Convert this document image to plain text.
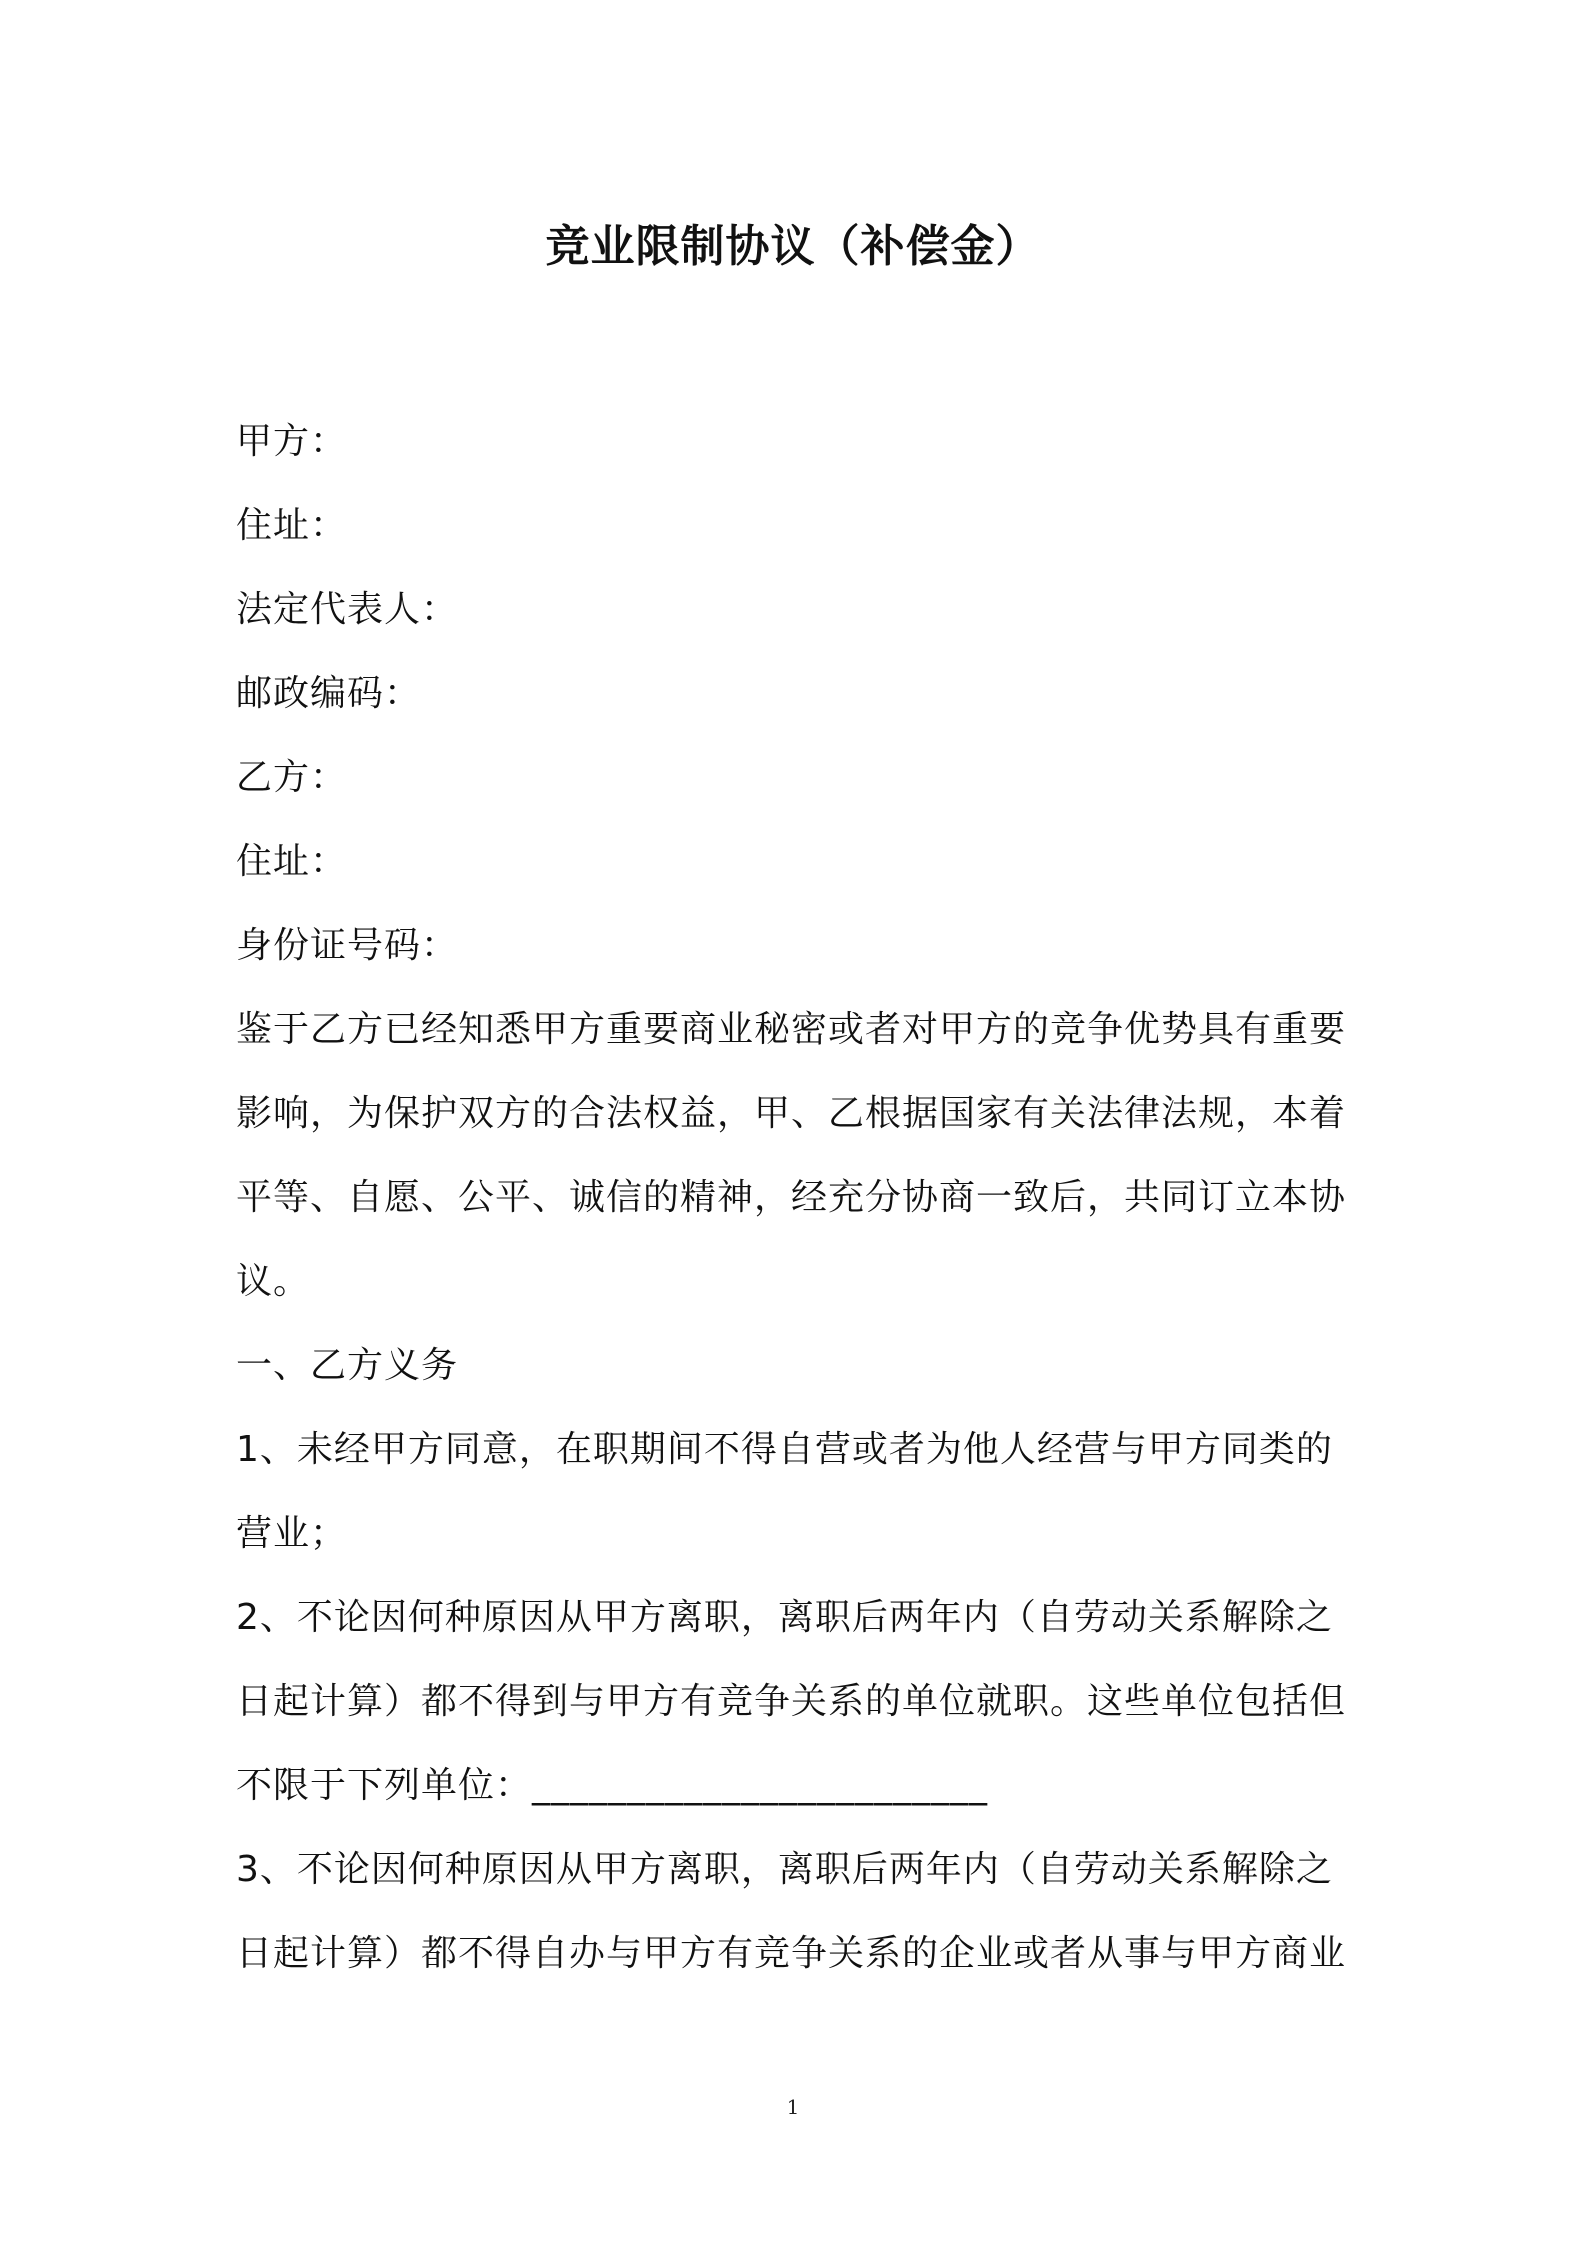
竞业限制协议（补偿金）
甲方：
住址：
法定代表人：
邮政编码：
乙方：
住址：
身份证号码：
鉴于乙方已经知悉甲方重要商业秘密或者对甲方的竞争优势具有重要
影响，为保护双方的合法权益，甲、乙根据国家有关法律法规，本着
平等、自愿、公平、诚信的精神，经充分协商一致后，共同订立本协
议。
一、乙方义务
1、未经甲方同意，在职期间不得自营或者为他人经营与甲方同类的
营业；
2、不论因何种原因从甲方离职，离职后两年内（自劳动关系解除之
日起计算）都不得到与甲方有竞争关系的单位就职。这些单位包括但
不限于下列单位：________________________
3、不论因何种原因从甲方离职，离职后两年内（自劳动关系解除之
日起计算）都不得自办与甲方有竞争关系的企业或者从事与甲方商业
1
